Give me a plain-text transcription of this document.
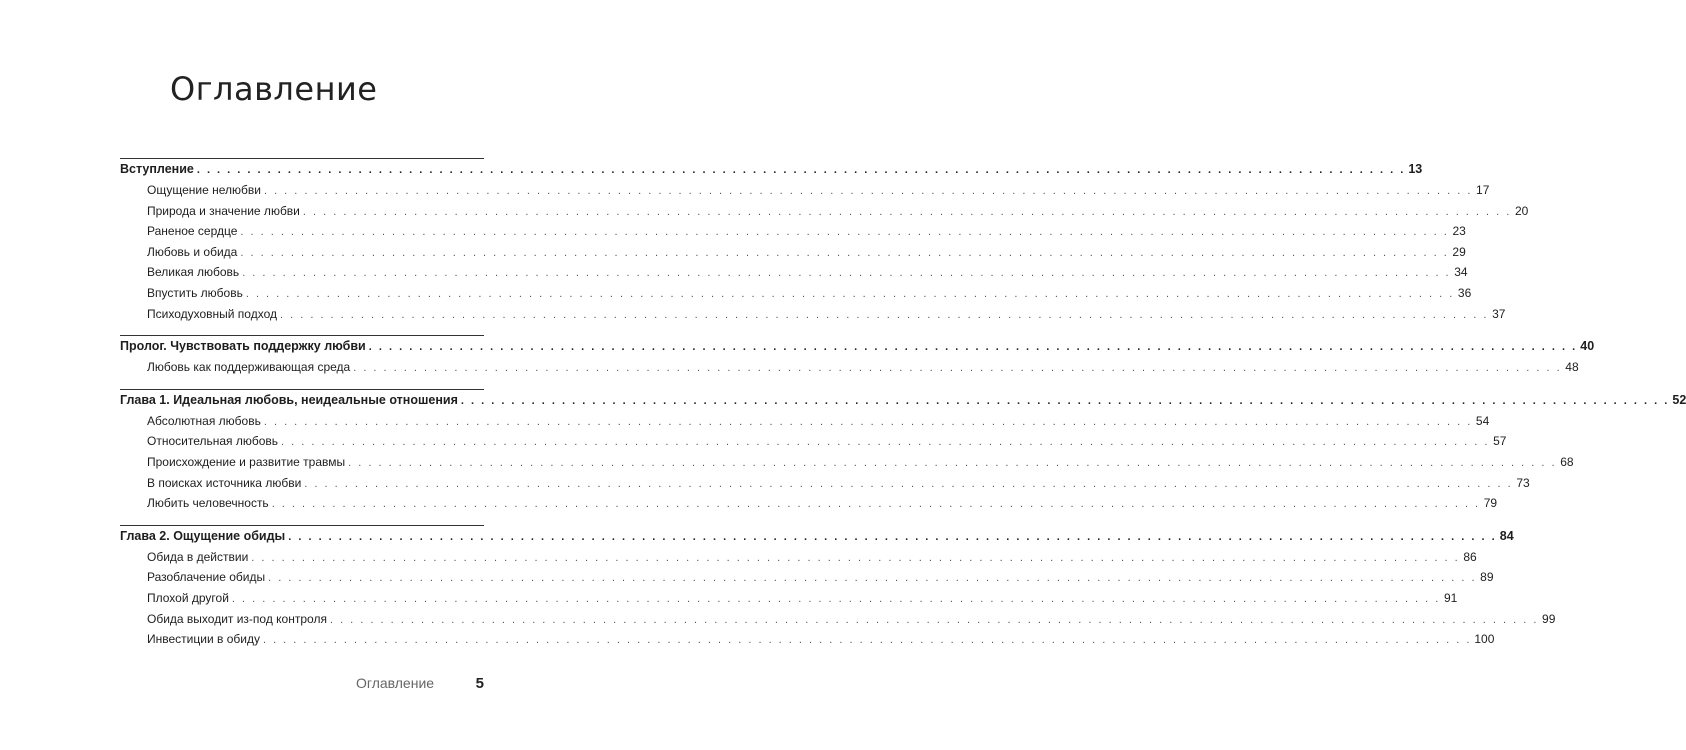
Оглавление
Вступление . . . . . . . . . . . . . . . . . . . . . . . . . . . . . . . . . . . . . . . . . . . . . . . . . . . . . . . . . . . . . . . . . . . . . . . . . . . . . . . . . . . . . . . . . . . . . . . . . . . . . . . . . . . . . . . . . . . . . . . . 13
Ощущение нелюбви . . . . . . . . . . . . . . . . . . . . . . . . . . . . . . . . . . . . . . . . . . . . . . . . . . . . . . . . . . . . . . . . . . . . . . . . . . . . . . . . . . . . . . . . . . . . . . . . . . . . . . . . . . . . . . . . . . . . . . . . 17
Природа и значение любви . . . . . . . . . . . . . . . . . . . . . . . . . . . . . . . . . . . . . . . . . . . . . . . . . . . . . . . . . . . . . . . . . . . . . . . . . . . . . . . . . . . . . . . . . . . . . . . . . . . . . . . . . . . . . . . . . . . . . . . . 20
Раненое сердце . . . . . . . . . . . . . . . . . . . . . . . . . . . . . . . . . . . . . . . . . . . . . . . . . . . . . . . . . . . . . . . . . . . . . . . . . . . . . . . . . . . . . . . . . . . . . . . . . . . . . . . . . . . . . . . . . . . . . . . . 23
Любовь и обида . . . . . . . . . . . . . . . . . . . . . . . . . . . . . . . . . . . . . . . . . . . . . . . . . . . . . . . . . . . . . . . . . . . . . . . . . . . . . . . . . . . . . . . . . . . . . . . . . . . . . . . . . . . . . . . . . . . . . . . . 29
Великая любовь . . . . . . . . . . . . . . . . . . . . . . . . . . . . . . . . . . . . . . . . . . . . . . . . . . . . . . . . . . . . . . . . . . . . . . . . . . . . . . . . . . . . . . . . . . . . . . . . . . . . . . . . . . . . . . . . . . . . . . . . 34
Впустить любовь . . . . . . . . . . . . . . . . . . . . . . . . . . . . . . . . . . . . . . . . . . . . . . . . . . . . . . . . . . . . . . . . . . . . . . . . . . . . . . . . . . . . . . . . . . . . . . . . . . . . . . . . . . . . . . . . . . . . . . . . 36
Психодуховный подход . . . . . . . . . . . . . . . . . . . . . . . . . . . . . . . . . . . . . . . . . . . . . . . . . . . . . . . . . . . . . . . . . . . . . . . . . . . . . . . . . . . . . . . . . . . . . . . . . . . . . . . . . . . . . . . . . . . . . . . . 37
Пролог. Чувствовать поддержку любви . . . . . . . . . . . . . . . . . . . . . . . . . . . . . . . . . . . . . . . . . . . . . . . . . . . . . . . . . . . . . . . . . . . . . . . . . . . . . . . . . . . . . . . . . . . . . . . . . . . . . . . . . . . . . . . . . . . . . . . . 40
Любовь как поддерживающая среда . . . . . . . . . . . . . . . . . . . . . . . . . . . . . . . . . . . . . . . . . . . . . . . . . . . . . . . . . . . . . . . . . . . . . . . . . . . . . . . . . . . . . . . . . . . . . . . . . . . . . . . . . . . . . . . . . . . . . . . . 48
Глава 1. Идеальная любовь, неидеальные отношения . . . . . . . . . . . . . . . . . . . . . . . . . . . . . . . . . . . . . . . . . . . . . . . . . . . . . . . . . . . . . . . . . . . . . . . . . . . . . . . . . . . . . . . . . . . . . . . . . . . . . . . . . . . . . . . . . . . . . . . . 52
Абсолютная любовь . . . . . . . . . . . . . . . . . . . . . . . . . . . . . . . . . . . . . . . . . . . . . . . . . . . . . . . . . . . . . . . . . . . . . . . . . . . . . . . . . . . . . . . . . . . . . . . . . . . . . . . . . . . . . . . . . . . . . . . . 54
Относительная любовь . . . . . . . . . . . . . . . . . . . . . . . . . . . . . . . . . . . . . . . . . . . . . . . . . . . . . . . . . . . . . . . . . . . . . . . . . . . . . . . . . . . . . . . . . . . . . . . . . . . . . . . . . . . . . . . . . . . . . . . . 57
Происхождение и развитие травмы . . . . . . . . . . . . . . . . . . . . . . . . . . . . . . . . . . . . . . . . . . . . . . . . . . . . . . . . . . . . . . . . . . . . . . . . . . . . . . . . . . . . . . . . . . . . . . . . . . . . . . . . . . . . . . . . . . . . . . . . 68
В поисках источника любви . . . . . . . . . . . . . . . . . . . . . . . . . . . . . . . . . . . . . . . . . . . . . . . . . . . . . . . . . . . . . . . . . . . . . . . . . . . . . . . . . . . . . . . . . . . . . . . . . . . . . . . . . . . . . . . . . . . . . . . . 73
Любить человечность . . . . . . . . . . . . . . . . . . . . . . . . . . . . . . . . . . . . . . . . . . . . . . . . . . . . . . . . . . . . . . . . . . . . . . . . . . . . . . . . . . . . . . . . . . . . . . . . . . . . . . . . . . . . . . . . . . . . . . . . 79
Глава 2. Ощущение обиды . . . . . . . . . . . . . . . . . . . . . . . . . . . . . . . . . . . . . . . . . . . . . . . . . . . . . . . . . . . . . . . . . . . . . . . . . . . . . . . . . . . . . . . . . . . . . . . . . . . . . . . . . . . . . . . . . . . . . . . . 84
Обида в действии . . . . . . . . . . . . . . . . . . . . . . . . . . . . . . . . . . . . . . . . . . . . . . . . . . . . . . . . . . . . . . . . . . . . . . . . . . . . . . . . . . . . . . . . . . . . . . . . . . . . . . . . . . . . . . . . . . . . . . . . 86
Разоблачение обиды . . . . . . . . . . . . . . . . . . . . . . . . . . . . . . . . . . . . . . . . . . . . . . . . . . . . . . . . . . . . . . . . . . . . . . . . . . . . . . . . . . . . . . . . . . . . . . . . . . . . . . . . . . . . . . . . . . . . . . . . 89
Плохой другой . . . . . . . . . . . . . . . . . . . . . . . . . . . . . . . . . . . . . . . . . . . . . . . . . . . . . . . . . . . . . . . . . . . . . . . . . . . . . . . . . . . . . . . . . . . . . . . . . . . . . . . . . . . . . . . . . . . . . . . . 91
Обида выходит из-под контроля . . . . . . . . . . . . . . . . . . . . . . . . . . . . . . . . . . . . . . . . . . . . . . . . . . . . . . . . . . . . . . . . . . . . . . . . . . . . . . . . . . . . . . . . . . . . . . . . . . . . . . . . . . . . . . . . . . . . . . . . 99
Инвестиции в обиду . . . . . . . . . . . . . . . . . . . . . . . . . . . . . . . . . . . . . . . . . . . . . . . . . . . . . . . . . . . . . . . . . . . . . . . . . . . . . . . . . . . . . . . . . . . . . . . . . . . . . . . . . . . . . . . . . . . . . . . . 100
Оглавление	5
